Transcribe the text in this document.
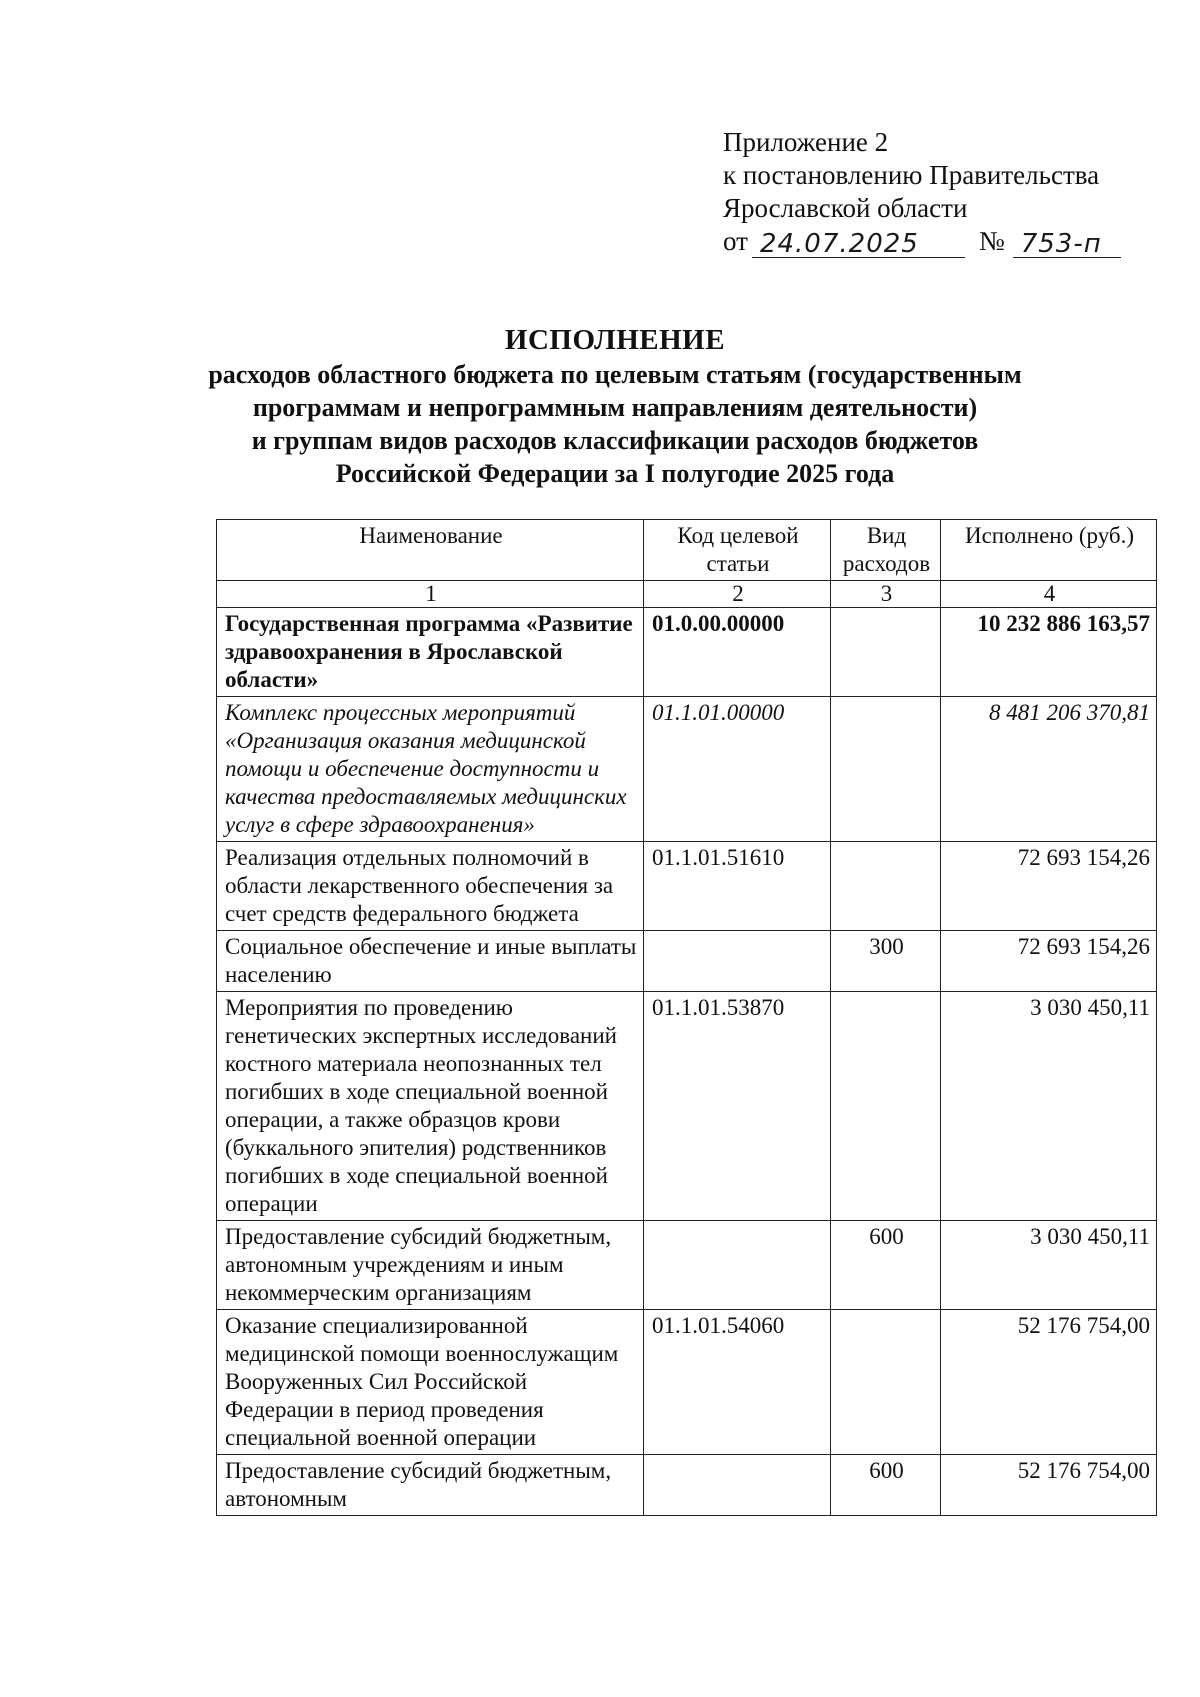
Приложение 2
к постановлению Правительства
Ярославской области
от 24.07.2025	№ 753-п
ИСПОЛНЕНИЕ
расходов областного бюджета по целевым статьям (государственным
программам и непрограммным направлениям деятельности)
и группам видов расходов классификации расходов бюджетов
Российской Федерации за I полугодие 2025 года
Наименование	Код целевой статьи	Вид расходов	Исполнено (руб.)
1	2	3	4
Государственная программа «Развитие здравоохранения в Ярославской области»	01.0.00.00000		10 232 886 163,57
Комплекс процессных мероприятий «Организация оказания медицинской помощи и обеспечение доступности и качества предоставляемых медицинских услуг в сфере здравоохранения»	01.1.01.00000		8 481 206 370,81
Реализация отдельных полномочий в области лекарственного обеспечения за счет средств федерального бюджета	01.1.01.51610		72 693 154,26
Социальное обеспечение и иные выплаты населению		300	72 693 154,26
Мероприятия по проведению генетических экспертных исследований костного материала неопознанных тел погибших в ходе специальной военной операции, а также образцов крови (буккального эпителия) родственников погибших в ходе специальной военной операции	01.1.01.53870		3 030 450,11
Предоставление субсидий бюджетным, автономным учреждениям и иным некоммерческим организациям		600	3 030 450,11
Оказание специализированной медицинской помощи военнослужащим Вооруженных Сил Российской Федерации в период проведения специальной военной операции	01.1.01.54060		52 176 754,00
Предоставление субсидий бюджетным, автономным		600	52 176 754,00
